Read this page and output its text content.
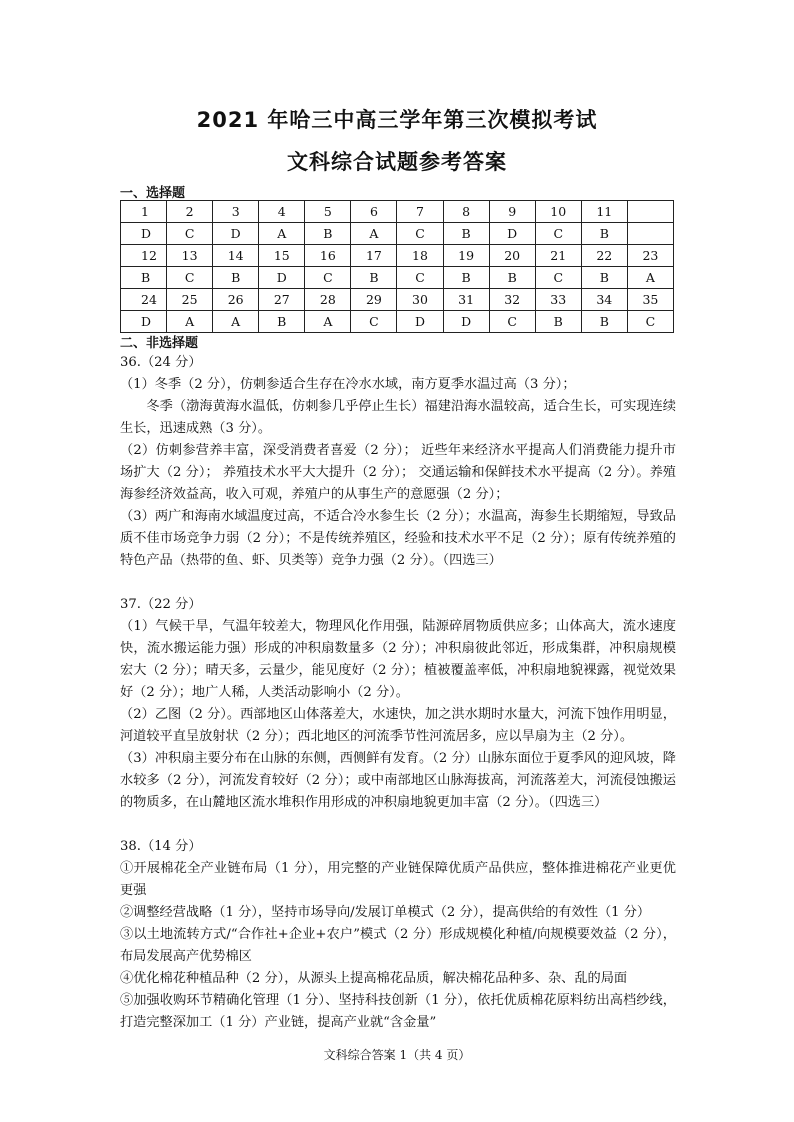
2021 年哈三中高三学年第三次模拟考试
文科综合试题参考答案
一、选择题
1	2	3	4	5	6	7	8	9	10	11	
D	C	D	A	B	A	C	B	D	C	B	
12	13	14	15	16	17	18	19	20	21	22	23
B	C	B	D	C	B	C	B	B	C	B	A
24	25	26	27	28	29	30	31	32	33	34	35
D	A	A	B	A	C	D	D	C	B	B	C
二、非选择题

36.（24 分）

（1）冬季（2 分），仿刺参适合生存在冷水水域，南方夏季水温过高（3 分）；

冬季（渤海黄海水温低，仿刺参几乎停止生长）福建沿海水温较高，适合生长，可实现连续生长，迅速成熟（3 分）。

（2）仿刺参营养丰富，深受消费者喜爱（2 分）； 近些年来经济水平提高人们消费能力提升市场扩大（2 分）； 养殖技术水平大大提升（2 分）； 交通运输和保鲜技术水平提高（2 分）。养殖海参经济效益高，收入可观，养殖户的从事生产的意愿强（2 分）；

（3）两广和海南水域温度过高，不适合冷水参生长（2 分）；水温高，海参生长期缩短，导致品质不佳市场竞争力弱（2 分）；不是传统养殖区，经验和技术水平不足（2 分）；原有传统养殖的特色产品（热带的鱼、虾、贝类等）竞争力强（2 分）。（四选三）

37.（22 分）

（1）气候干旱，气温年较差大，物理风化作用强，陆源碎屑物质供应多；山体高大，流水速度快，流水搬运能力强）形成的冲积扇数量多（2 分）；冲积扇彼此邻近，形成集群，冲积扇规模宏大（2 分）；晴天多，云量少，能见度好（2 分）；植被覆盖率低，冲积扇地貌裸露，视觉效果好（2 分）；地广人稀，人类活动影响小（2 分）。

（2）乙图（2 分）。西部地区山体落差大，水速快，加之洪水期时水量大，河流下蚀作用明显，河道较平直呈放射状（2 分）；西北地区的河流季节性河流居多，应以旱扇为主（2 分）。

（3）冲积扇主要分布在山脉的东侧，西侧鲜有发育。（2 分）山脉东面位于夏季风的迎风坡，降水较多（2 分），河流发育较好（2 分）；或中南部地区山脉海拔高，河流落差大，河流侵蚀搬运的物质多，在山麓地区流水堆积作用形成的冲积扇地貌更加丰富（2 分）。（四选三）

38.（14 分）

①开展棉花全产业链布局（1 分），用完整的产业链保障优质产品供应，整体推进棉花产业更优更强

②调整经营战略（1 分），坚持市场导向/发展订单模式（2 分），提高供给的有效性（1 分）

③以土地流转方式/“合作社+企业+农户”模式（2 分）形成规模化种植/向规模要效益（2 分），布局发展高产优势棉区

④优化棉花种植品种（2 分），从源头上提高棉花品质，解决棉花品种多、杂、乱的局面

⑤加强收购环节精确化管理（1 分）、坚持科技创新（1 分），依托优质棉花原料纺出高档纱线，打造完整深加工（1 分）产业链，提高产业就“含金量”

文科综合答案 1（共 4 页）
